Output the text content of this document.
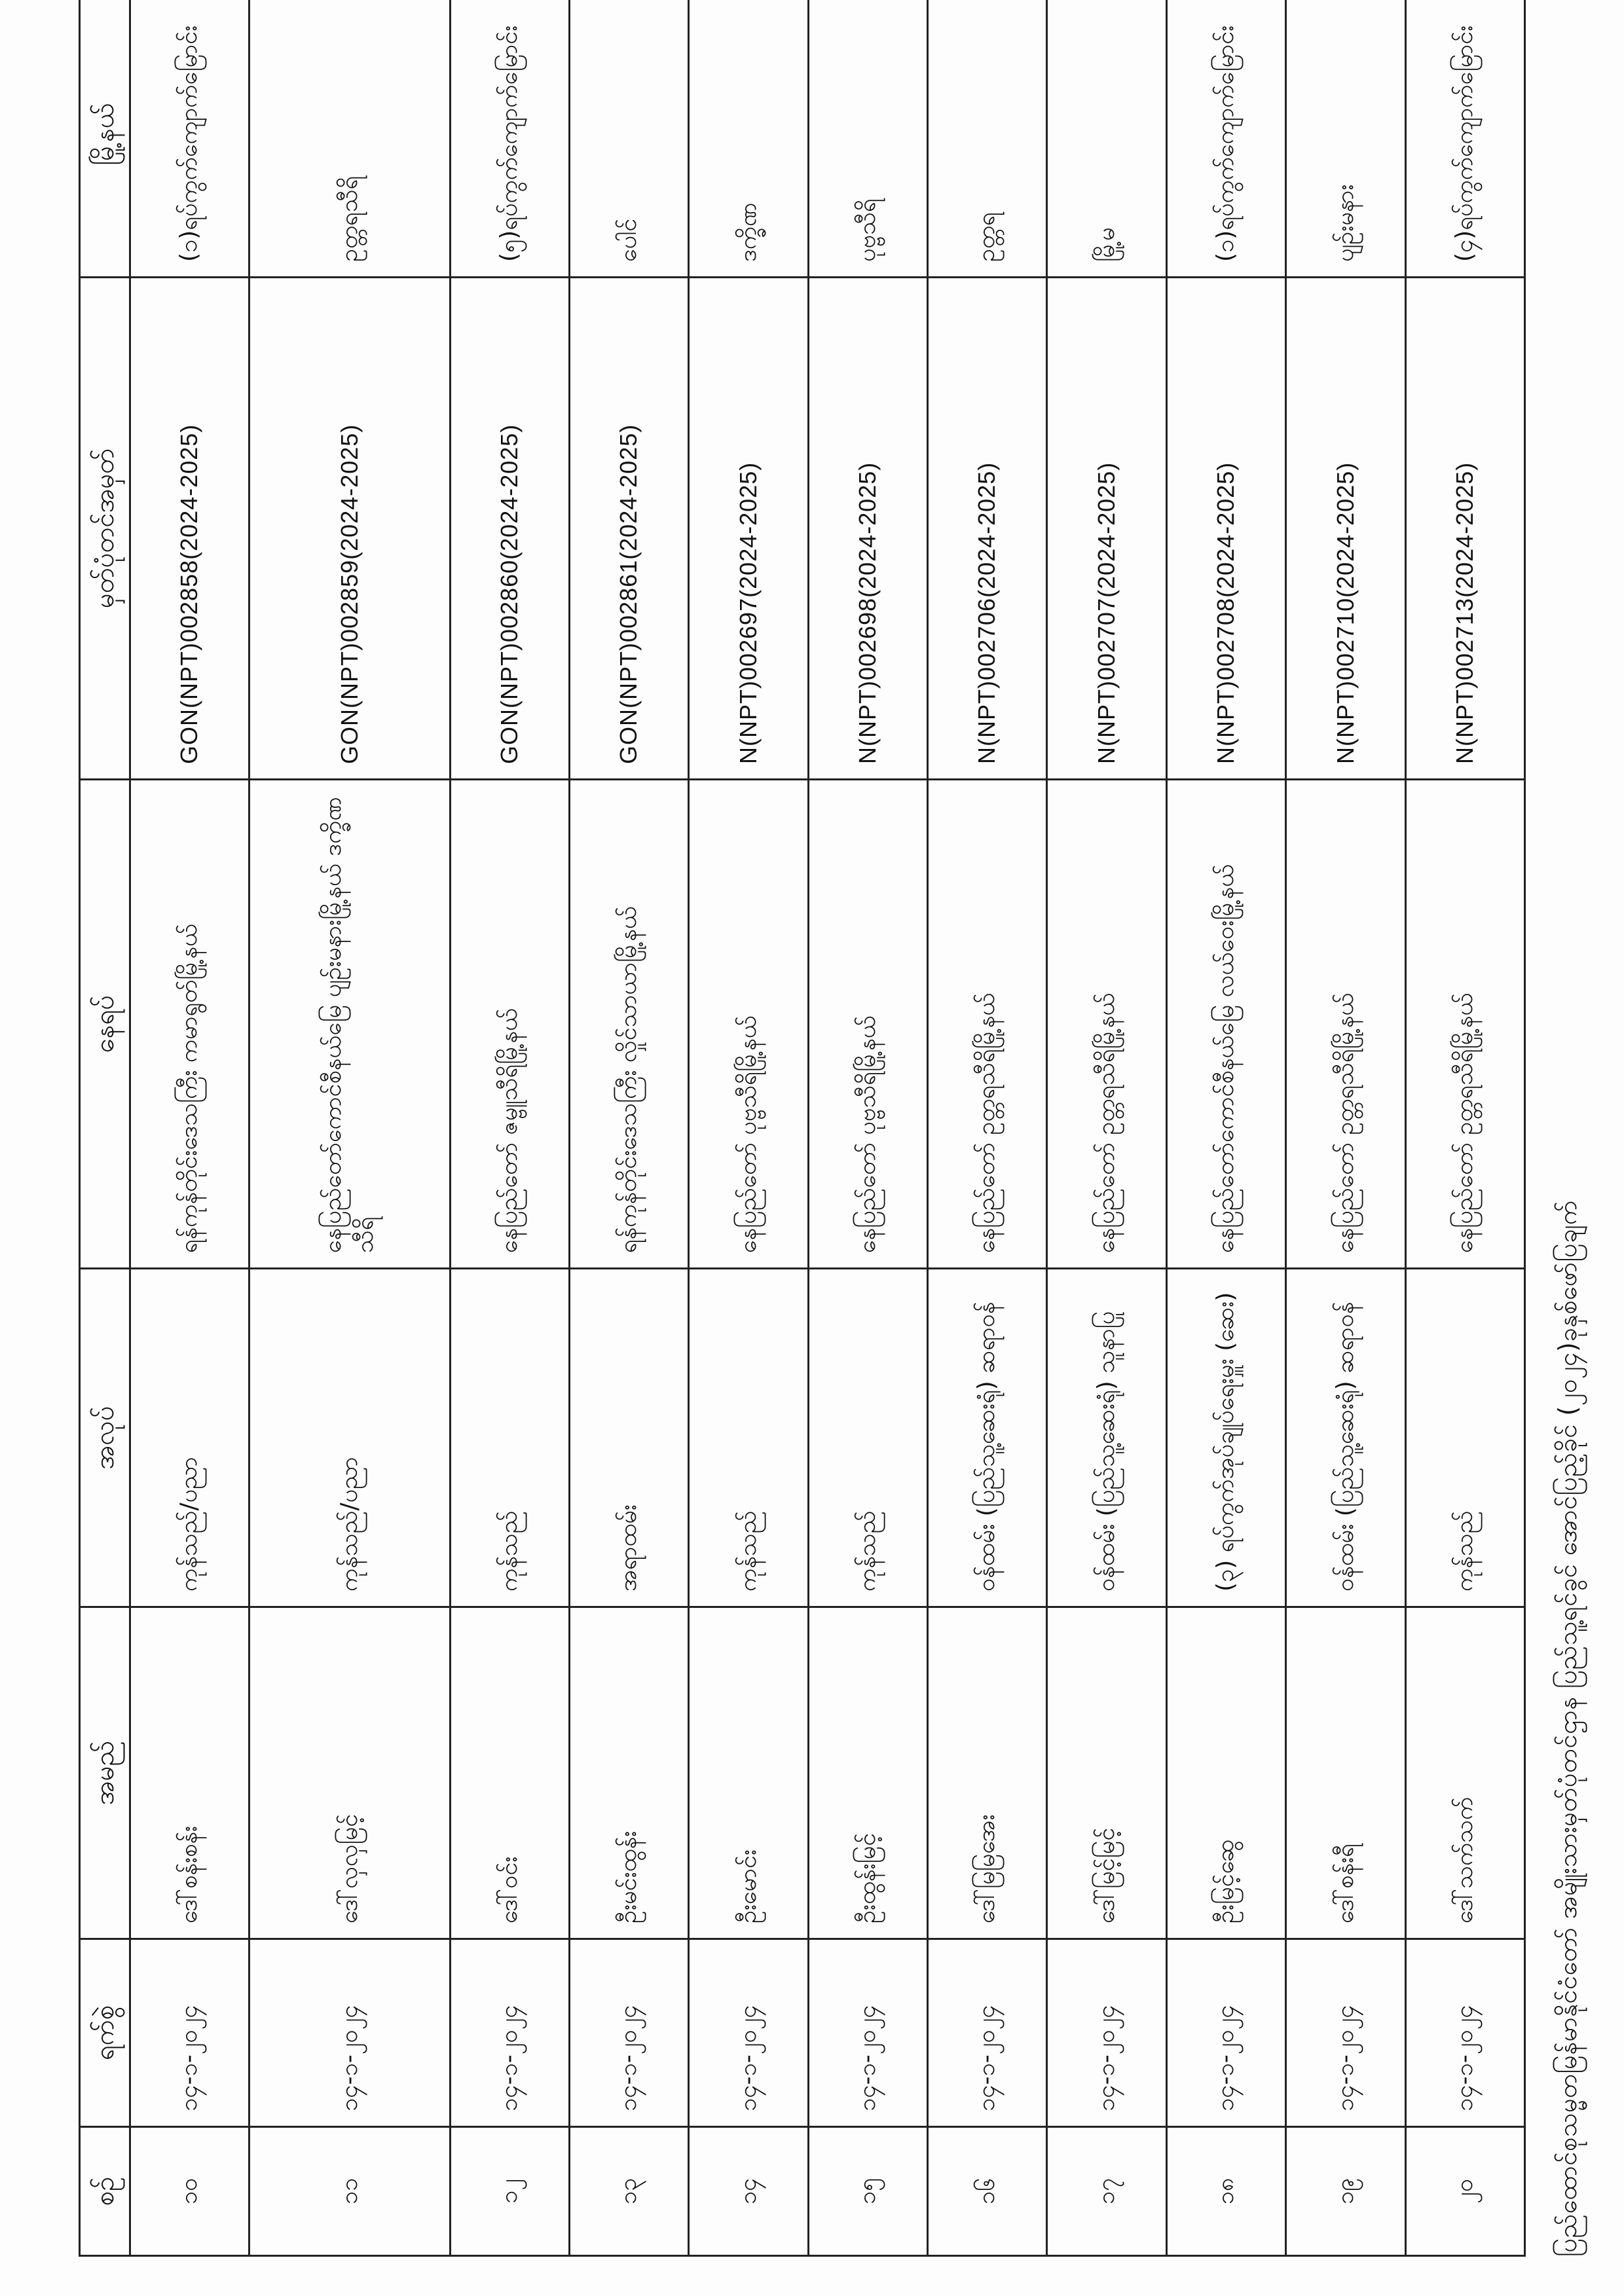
စဉ်	ရက်စွဲ	အမည်	အလုပ်	နေရပ်	မှတ်ပုံတင်အမှတ်	မြို့နယ်		
၁၀	၁၄-၁-၂၀၂၄	ဒေါ်စန်းစန်း	ကုန်သည်/ပညာ	ရန်ကုန်တိုင်းဒေသကြီး ကမာရွတ်မြို့နယ်	GON(NPT)002858(2024-2025)	(၁)ရပ်ကွက်ကျောက်မြောင်း		
၁၁	၁၄-၁-၂၀၂၄	ဒေါ်လှလှမြင့်	ကုန်သည်/ပညာ	နေပြည်တော်ကောင်စီနယ်မြေ ပျဉ်းမနားမြို့နယ် ဒက္ခိဏသီရိ	GON(NPT)002859(2024-2025)	ဥတ္တရသီရိ		
၁၂	၁၄-၁-၂၀၂၄	ဒေါ်ဝင်း	ကုန်သည်	နေပြည်တော် ဇမ္ဗူသီရိမြို့နယ်	GON(NPT)002860(2024-2025)	(၅)ရပ်ကွက်ကျောက်မြောင်း		
၁၃	၁၄-၁-၂၀၂၄	ဦးမင်းထွန်း	အရာထမ်း	ရန်ကုန်တိုင်းဒေသကြီး လှိုင်သာယာမြို့နယ်	GON(NPT)002861(2024-2025)	ပေါင်		
၁၄	၁၄-၁-၂၀၂၄	ဦးမောင်း	ကုန်သည်	နေပြည်တော် ပုဗ္ဗသီရိမြို့နယ်	N(NPT)002697(2024-2025)	ဒက္ခိဏ		
၁၅	၁၄-၁-၂၀၂၄	ဦးထွန်းမြင့်	ကုန်သည်	နေပြည်တော် ပုဗ္ဗသီရိမြို့နယ်	N(NPT)002698(2024-2025)	ပုဗ္ဗသီရိ		
၁၆	၁၄-၁-၂၀၂၄	ဒေါ်မြမြအေး	ဝန်ထမ်း (ပြည်သူ့ဆေးရုံ) ဆရာဝန်	နေပြည်တော် ဥတ္တရသီရိမြို့နယ်	N(NPT)002706(2024-2025)	ဥတ္တရ		
၁၇	၁၄-၁-၂၀၂၄	ဒေါ်မြင့်မြင့်	ဝန်ထမ်း (ပြည်သူ့ဆေးရုံ) သူနာပြု	နေပြည်တော် ဥတ္တရသီရိမြို့နယ်	N(NPT)002707(2024-2025)	မြို့မ		
၁၈	၁၄-၁-၂၀၂၄	ဦးမြင့်ဆွေ	(၃) ရပ်ကွက်အုပ်ချုပ်ရေးမှူး (ဆေး)	နေပြည်တော်ကောင်စီနယ်မြေ လယ်ဝေးမြို့နယ်	N(NPT)002708(2024-2025)	(၁)ရပ်ကွက်ကျောက်မြောင်း		
၁၉	၁၄-၁-၂၀၂၄	ဒေါ်စန်းရီ	ဝန်ထမ်း (ပြည်သူ့ဆေးရုံ) ဆရာဝန်	နေပြည်တော် ဥတ္တရသီရိမြို့နယ်	N(NPT)002710(2024-2025)	ပျဉ်းမနား		
၂၀	၁၄-၁-၂၀၂၄	ဒေါ်သက်သက်	ကုန်သည်	နေပြည်တော် ဥတ္တရသီရိမြို့နယ်	N(NPT)002713(2024-2025)	(၄)ရပ်ကွက်ကျောက်မြောင်း		
ပြည်ထောင်စုသမ္မတမြန်မာနိုင်ငံတော် အမျိုးသားမှတ်ပုံတင်ဌာန ပြည်သူ့ရင်ခွင် အောင်ပြည့်ခိုင် (၂၀၂၄)ခုနှစ်ဖော်ပြချက်
